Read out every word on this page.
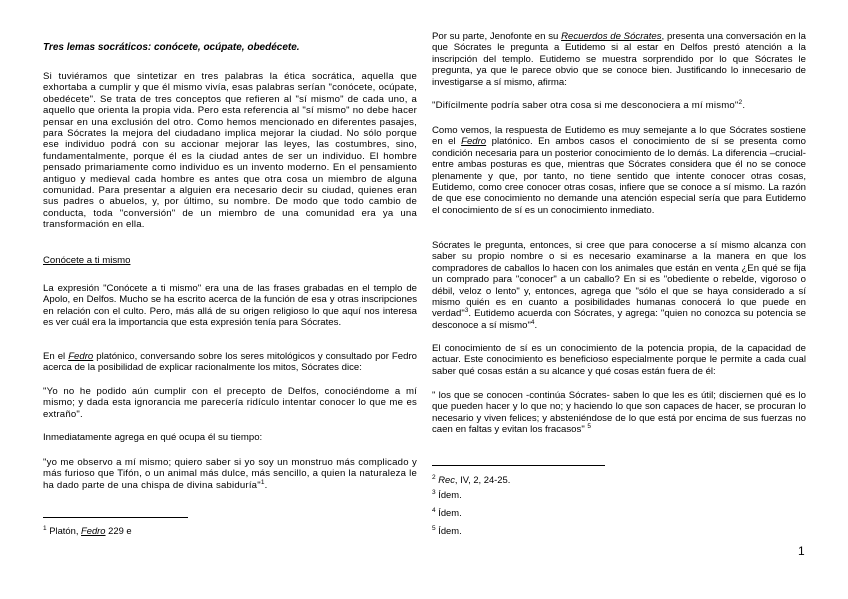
Tres lemas socráticos: conócete, ocúpate, obedécete.

Si tuviéramos que sintetizar en tres palabras la ética socrática, aquella que exhortaba a cumplir y que él mismo vivía, esas palabras serían "conócete, ocúpate, obedécete". Se trata de tres conceptos que refieren al "sí mismo" de cada uno, a aquello que orienta la propia vida. Pero esta referencia al "sí mismo" no debe hacer pensar en una exclusión del otro. Como hemos mencionado en diferentes pasajes, para Sócrates la mejora del ciudadano implica mejorar la ciudad. No sólo porque ese individuo podrá con su accionar mejorar las leyes, las costumbres, sino, fundamentalmente, porque él es la ciudad antes de ser un individuo. El hombre pensado primariamente como individuo es un invento moderno. En el pensamiento antiguo y medieval cada hombre es antes que otra cosa un miembro de alguna comunidad. Para presentar a alguien era necesario decir su ciudad, quienes eran sus padres o abuelos, y, por último, su nombre. De modo que todo cambio de conducta, toda "conversión" de un miembro de una comunidad era ya una transformación en ella.

Conócete a ti mismo

La expresión "Conócete a ti mismo" era una de las frases grabadas en el templo de Apolo, en Delfos. Mucho se ha escrito acerca de la función de esa y otras inscripciones en relación con el culto. Pero, más allá de su origen religioso lo que aquí nos interesa es ver cuál era la importancia que esta expresión tenía para Sócrates.

En el Fedro platónico, conversando sobre los seres mitológicos y consultado por Fedro acerca de la posibilidad de explicar racionalmente los mitos, Sócrates dice:

"Yo no he podido aún cumplir con el precepto de Delfos, conociéndome a mí mismo; y dada esta ignorancia me parecería ridículo intentar conocer lo que me es extraño".

Inmediatamente agrega en qué ocupa él su tiempo:

"yo me observo a mí mismo; quiero saber si yo soy un monstruo más complicado y más furioso que Tifón, o un animal más dulce, más sencillo, a quien la naturaleza le ha dado parte de una chispa de divina sabiduría"$^1$.

$^1$ Platón, Fedro 229 e

Por su parte, Jenofonte en su Recuerdos de Sócrates, presenta una conversación en la que Sócrates le pregunta a Eutidemo si al estar en Delfos prestó atención a la inscripción del templo. Eutidemo se muestra sorprendido por lo que Sócrates le pregunta, ya que le parece obvio que se conoce bien. Justificando lo innecesario de investigarse a sí mismo, afirma:

"Difícilmente podría saber otra cosa si me desconociera a mí mismo"$^2$.

Como vemos, la respuesta de Eutidemo es muy semejante a lo que Sócrates sostiene en el Fedro platónico. En ambos casos el conocimiento de sí se presenta como condición necesaria para un posterior conocimiento de lo demás. La diferencia –crucial- entre ambas posturas es que, mientras que Sócrates considera que él no se conoce plenamente y que, por tanto, no tiene sentido que intente conocer otras cosas, Eutidemo, como cree conocer otras cosas, infiere que se conoce a sí mismo. La razón de que ese conocimiento no demande una atención especial sería que para Eutidemo el conocimiento de sí es un conocimiento inmediato.

Sócrates le pregunta, entonces, si cree que para conocerse a sí mismo alcanza con saber su propio nombre o si es necesario examinarse a la manera en que los compradores de caballos lo hacen con los animales que están en venta ¿En qué se fija un comprado para "conocer" a un caballo? En si es "obediente o rebelde, vigoroso o débil, veloz o lento" y, entonces, agrega que "sólo el que se haya considerado a sí mismo quién es en cuanto a posibilidades humanas conocerá lo que puede en verdad"$^3$. Eutidemo acuerda con Sócrates, y agrega: "quien no conozca su potencia se desconoce a sí mismo"$^4$.

El conocimiento de sí es un conocimiento de la potencia propia, de la capacidad de actuar. Este conocimiento es beneficioso especialmente porque le permite a cada cual saber qué cosas están a su alcance y qué cosas están fuera de él:

" los que se conocen -continúa Sócrates- saben lo que les es útil; disciernen qué es lo que pueden hacer y lo que no; y haciendo lo que son capaces de hacer, se procuran lo necesario y viven felices; y absteniéndose de lo que está por encima de sus fuerzas no caen en faltas y evitan los fracasos" $^5$

$^2$ Rec, IV, 2, 24-25.

$^3$ Ídem.

$^4$ Ídem.

$^5$ Ídem.

1
